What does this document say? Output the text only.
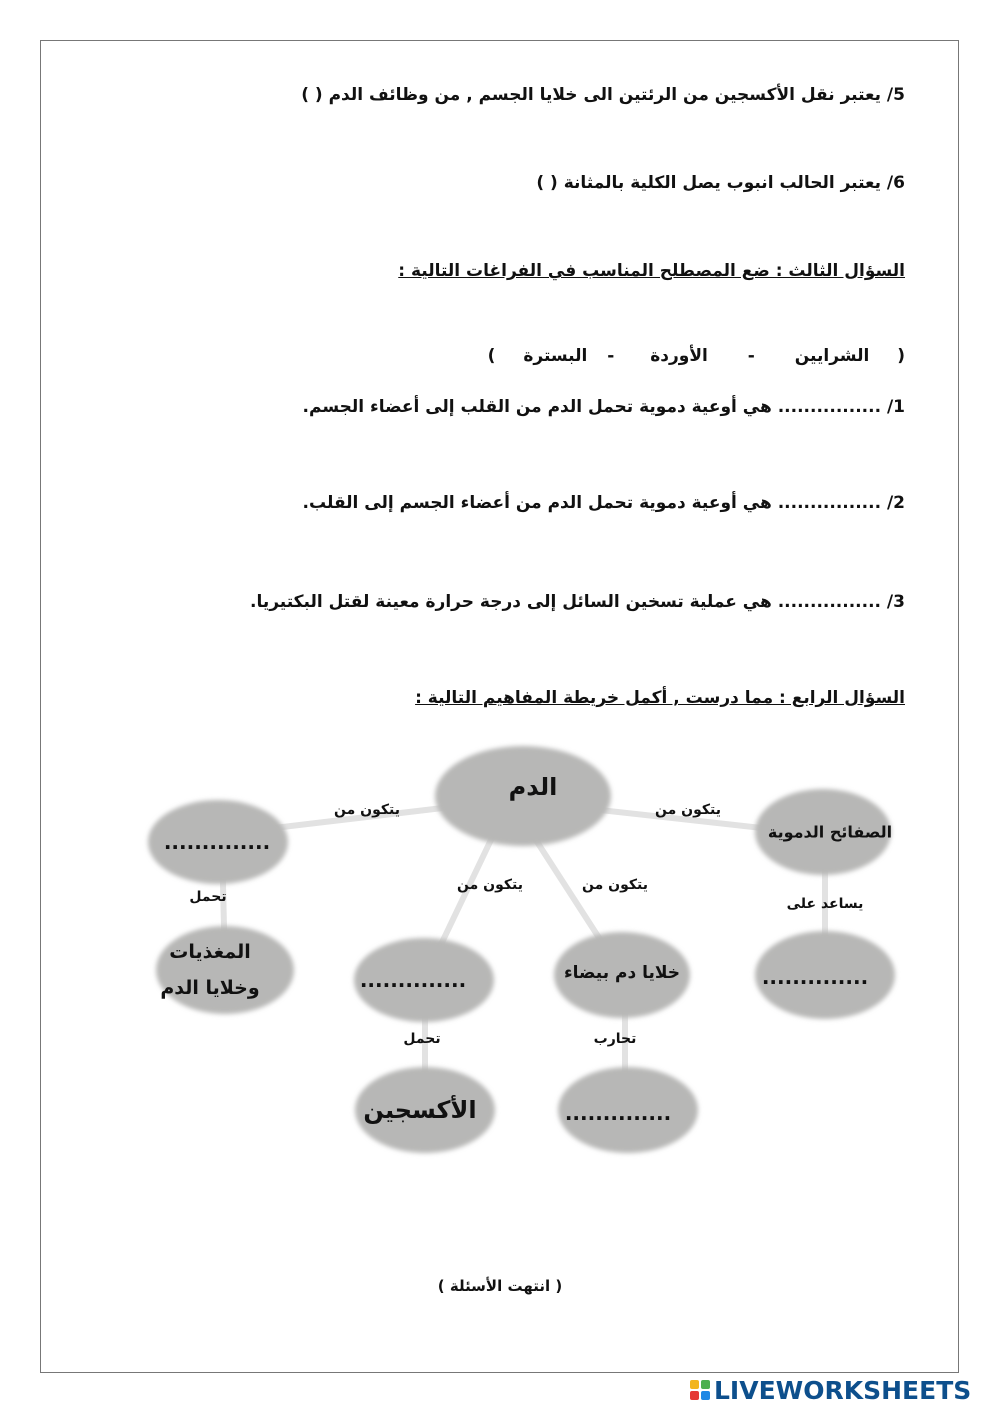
5/ يعتبر نقل الأكسجين من الرئتين الى خلايا الجسم , من وظائف الدم ( )
6/ يعتبر الحالب انبوب يصل الكلية بالمثانة ( )
السؤال الثالث : ضع المصطلح المناسب في الفراغات التالية :
( الشرايين - الأوردة - البسترة )
1/ ................ هي أوعية دموية تحمل الدم من القلب إلى أعضاء الجسم.
2/ ................ هي أوعية دموية تحمل الدم من أعضاء الجسم إلى القلب.
3/ ................ هي عملية تسخين السائل إلى درجة حرارة معينة لقتل البكتيريا.
السؤال الرابع : مما درست , أكمل خريطة المفاهيم التالية :
الدم
الصفائح الدموية
..............
المغذيات
وخلايا الدم	..............	خلايا دم بيضاء	..............
الأكسجين	..............
يتكون من	يتكون من
يتكون من	يتكون من
يساعد على
تحمل
تحمل	تحارب
( انتهت الأسئلة )
LIVEWORKSHEETS
